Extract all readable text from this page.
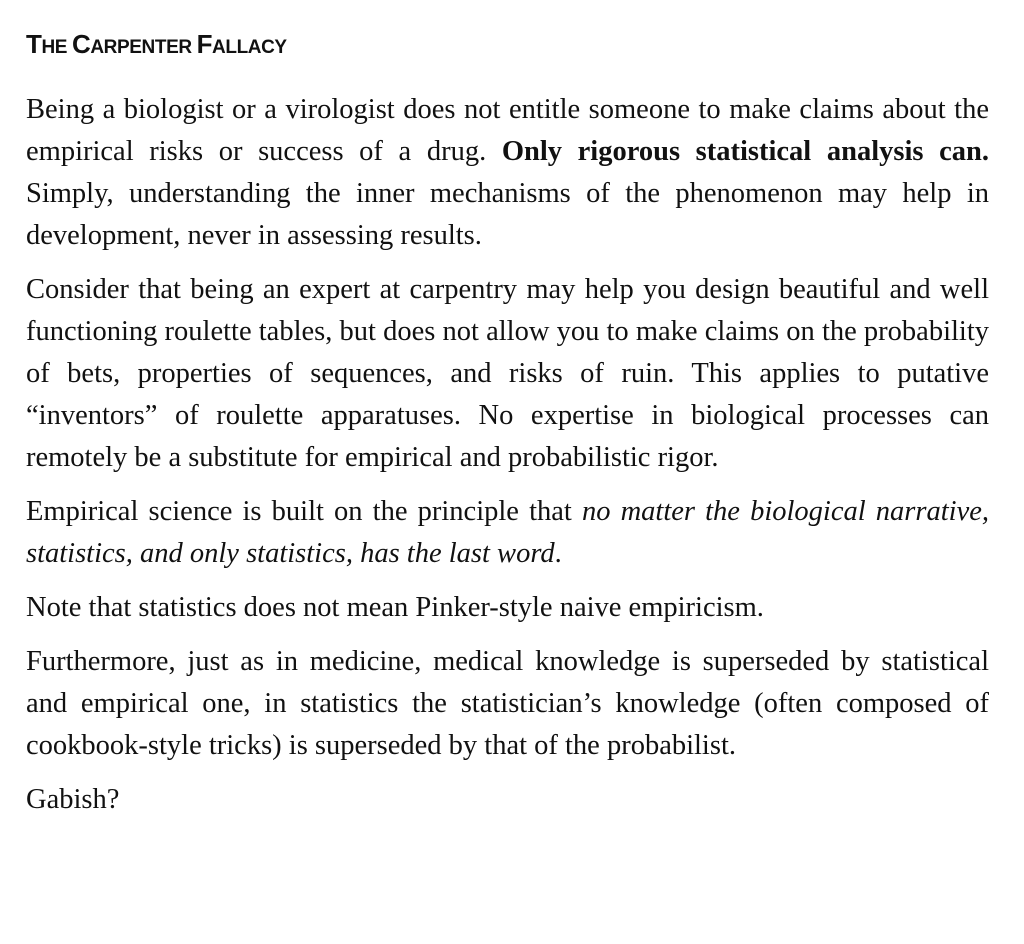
THE CARPENTER FALLACY

Being a biologist or a virologist does not entitle someone to make claims about the empirical risks or success of a drug. Only rigorous statistical analysis can. Simply, understanding the inner mechanisms of the phenomenon may help in development, never in assessing results.

Consider that being an expert at carpentry may help you design beautiful and well functioning roulette tables, but does not allow you to make claims on the probability of bets, properties of sequences, and risks of ruin. This applies to putative “inventors” of roulette apparatuses. No expertise in biological processes can remotely be a substitute for empirical and probabilistic rigor.

Empirical science is built on the principle that no matter the biological narrative, statistics, and only statistics, has the last word.

Note that statistics does not mean Pinker-style naive empiricism.

Furthermore, just as in medicine, medical knowledge is superseded by statistical and empirical one, in statistics the statistician’s knowledge (often composed of cookbook-style tricks) is superseded by that of the probabilist.

Gabish?
